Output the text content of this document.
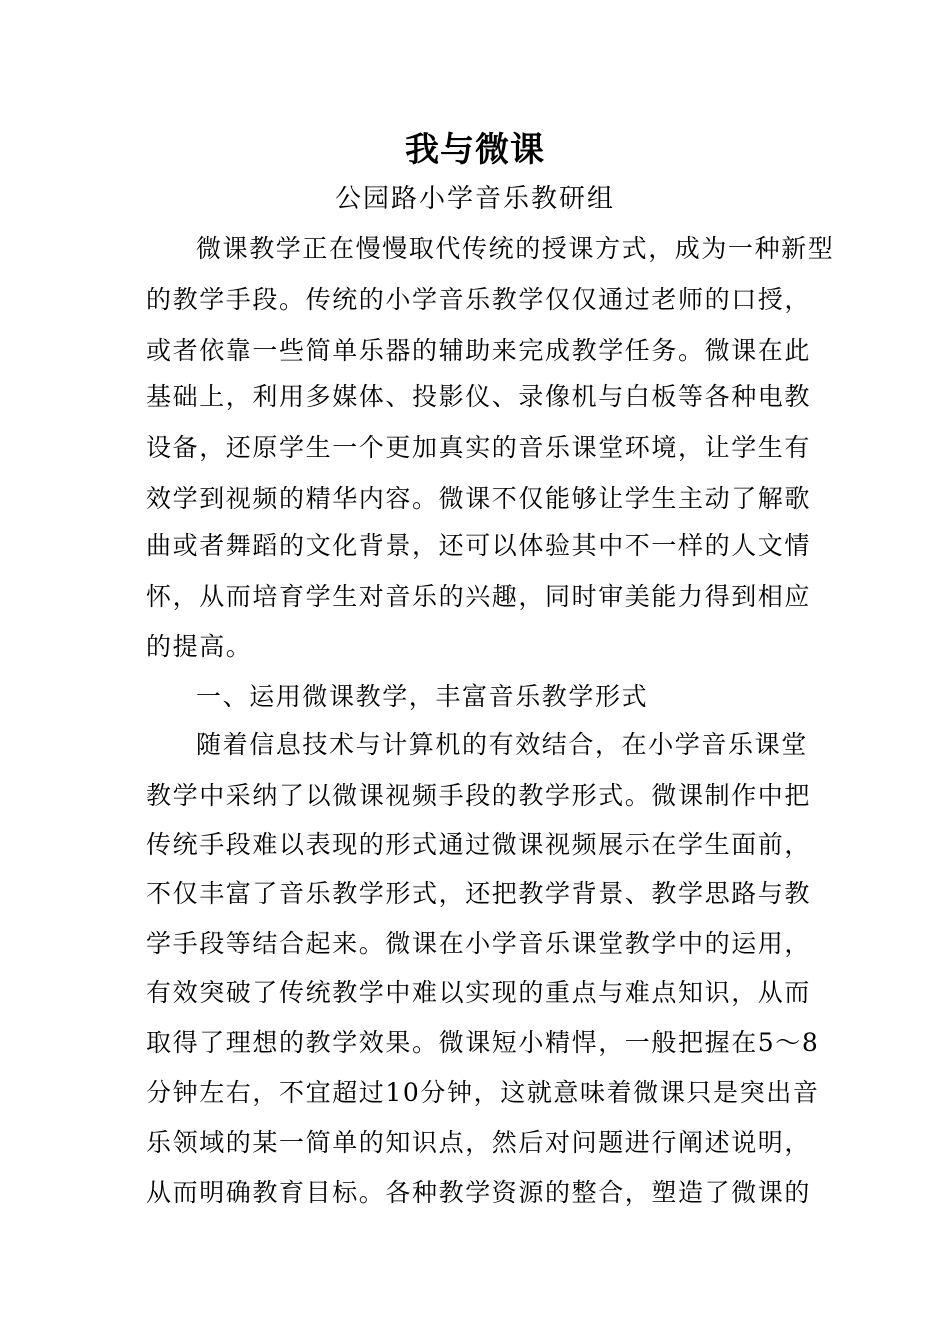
我与微课
公园路小学音乐教研组
微课教学正在慢慢取代传统的授课方式，成为一种新型
的教学手段。传统的小学音乐教学仅仅通过老师的口授，
或者依靠一些简单乐器的辅助来完成教学任务。微课在此
基础上，利用多媒体、投影仪、录像机与白板等各种电教
设备，还原学生一个更加真实的音乐课堂环境，让学生有
效学到视频的精华内容。微课不仅能够让学生主动了解歌
曲或者舞蹈的文化背景，还可以体验其中不一样的人文情
怀，从而培育学生对音乐的兴趣，同时审美能力得到相应
的提高。
一、运用微课教学，丰富音乐教学形式
随着信息技术与计算机的有效结合，在小学音乐课堂
教学中采纳了以微课视频手段的教学形式。微课制作中把
传统手段难以表现的形式通过微课视频展示在学生面前，
不仅丰富了音乐教学形式，还把教学背景、教学思路与教
学手段等结合起来。微课在小学音乐课堂教学中的运用，
有效突破了传统教学中难以实现的重点与难点知识，从而
取得了理想的教学效果。微课短小精悍，一般把握在5～8
分钟左右，不宜超过10分钟，这就意味着微课只是突出音
乐领域的某一简单的知识点，然后对问题进行阐述说明，
从而明确教育目标。各种教学资源的整合，塑造了微课的
